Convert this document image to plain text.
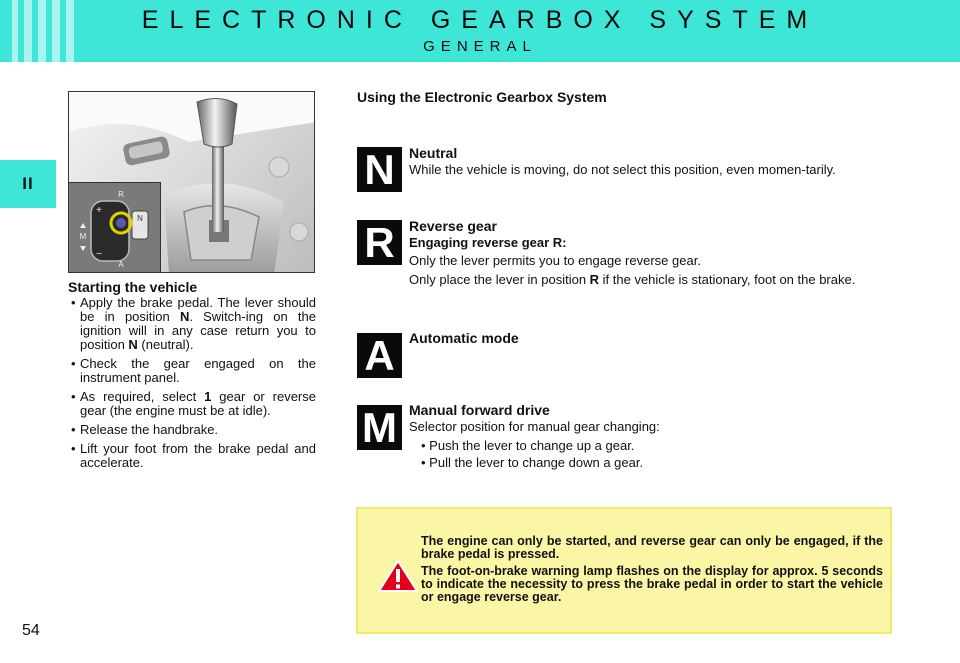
ELECTRONIC GEARBOX SYSTEM
GENERAL
II
R
N
A
M
+
−
Starting the vehicle
• Apply the brake pedal. The lever should be in position N. Switch-ing on the ignition will in any case return you to position N (neutral).
• Check the gear engaged on the instrument panel.
• As required, select 1 gear or reverse gear (the engine must be at idle).
• Release the handbrake.
• Lift your foot from the brake pedal and accelerate.
Using the Electronic Gearbox System
N	Neutral

While the vehicle is moving, do not select this position, even momen-tarily.

R	Reverse gear

Engaging reverse gear R:

Only the lever permits you to engage reverse gear.

Only place the lever in position R if the vehicle is stationary, foot on the brake.

A	Automatic mode
M Manual forward drive

Selector position for manual gear changing:

• Push the lever to change up a gear.

• Pull the lever to change down a gear.

The engine can only be started, and reverse gear can only be engaged, if the brake pedal is pressed.

The foot-on-brake warning lamp flashes on the display for approx. 5 seconds to indicate the necessity to press the brake pedal in order to start the vehicle or engage reverse gear.

54
